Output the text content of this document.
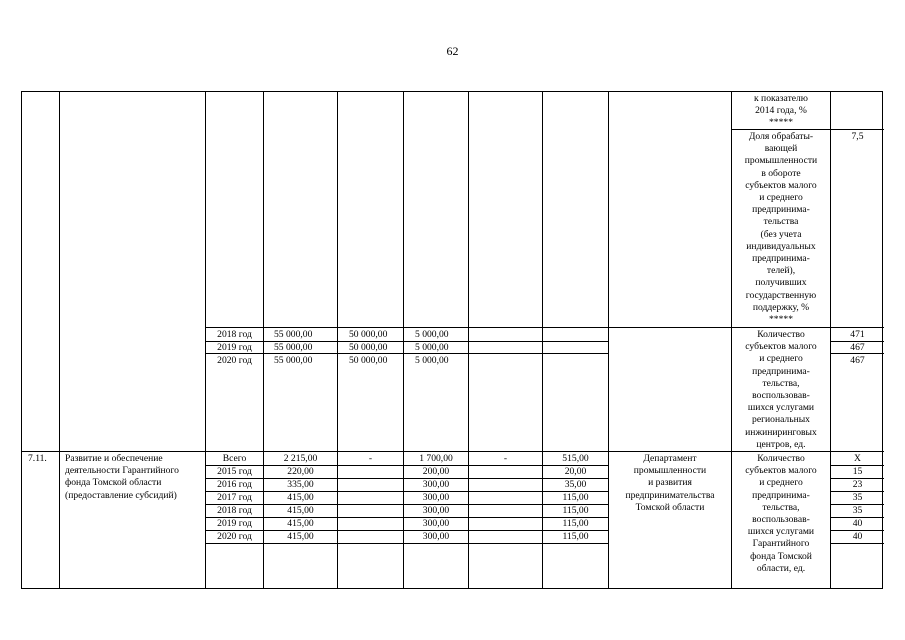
62
к показателю
2014 года, %
*****
Доля обрабаты-
вающей
промышленности
в обороте
субъектов малого
и среднего
предпринима-
тельства
(без учета
индивидуальных
предпринима-
телей),
получивших
государственную
поддержку, %
*****
7,5
2018 год
2019 год
2020 год
55 000,00
55 000,00
55 000,00
50 000,00
50 000,00
50 000,00
5 000,00
5 000,00
5 000,00
Количество
субъектов малого
и среднего
предпринима-
тельства,
воспользовав-
шихся услугами
региональных
инжиниринговых
центров, ед.
471
467
467
7.11. Развитие и обеспечение
деятельности Гарантийного
фонда Томской области
(предоставление субсидий)
Всего
2015 год
2016 год
2017 год
2018 год
2019 год
2020 год
2 215,00
220,00
335,00
415,00
415,00
415,00
415,00
-	1 700,00
200,00
300,00
300,00
300,00
300,00
300,00
-	515,00
20,00
35,00
115,00
115,00
115,00
115,00
Департамент
промышленности
и развития
предпринимательства
Томской области
Количество
субъектов малого
и среднего
предпринима-
тельства,
воспользовав-
шихся услугами
Гарантийного
фонда Томской
области, ед.
X
15
23
35
35
40
40
